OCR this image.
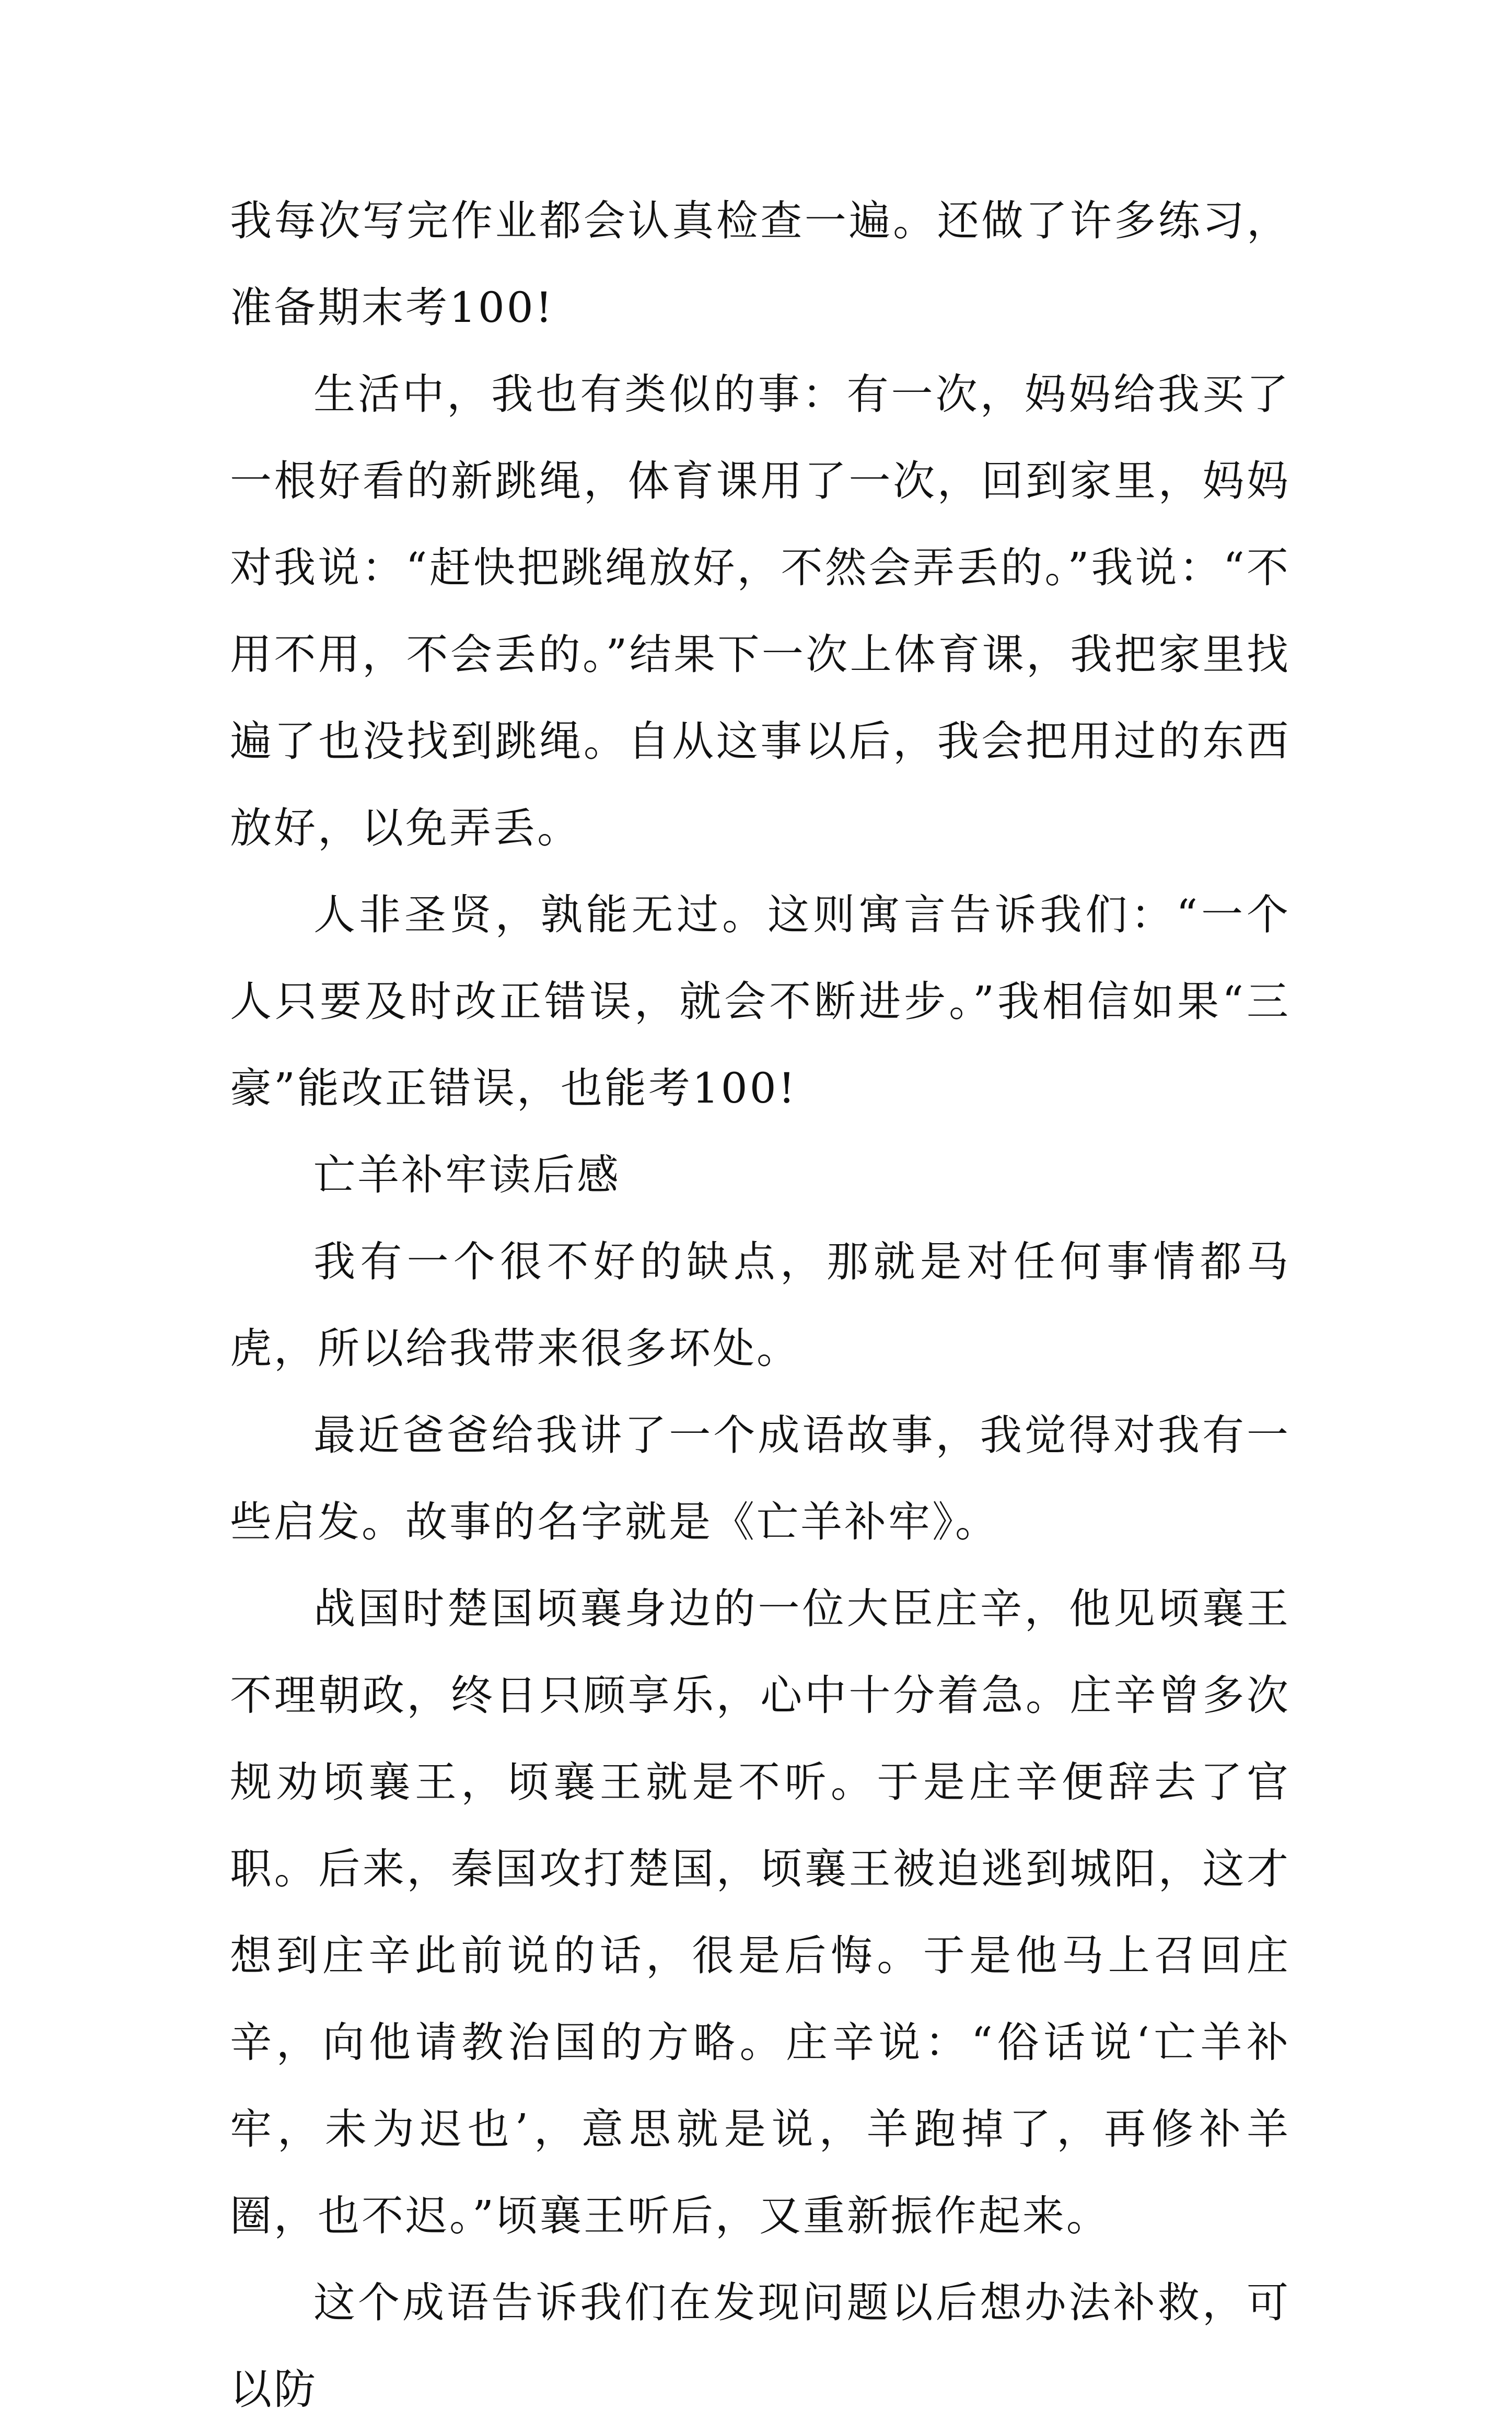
我每次写完作业都会认真检查一遍。还做了许多练习，准备期末考100!

生活中，我也有类似的事：有一次，妈妈给我买了一根好看的新跳绳，体育课用了一次，回到家里，妈妈对我说：“赶快把跳绳放好，不然会弄丢的。”我说：“不用不用，不会丢的。”结果下一次上体育课，我把家里找遍了也没找到跳绳。自从这事以后，我会把用过的东西放好，以免弄丢。

人非圣贤，孰能无过。这则寓言告诉我们：“一个人只要及时改正错误，就会不断进步。”我相信如果“三豪”能改正错误，也能考100!

亡羊补牢读后感

我有一个很不好的缺点，那就是对任何事情都马虎，所以给我带来很多坏处。

最近爸爸给我讲了一个成语故事，我觉得对我有一些启发。故事的名字就是《亡羊补牢》。

战国时楚国顷襄身边的一位大臣庄辛，他见顷襄王不理朝政，终日只顾享乐，心中十分着急。庄辛曾多次规劝顷襄王，顷襄王就是不听。于是庄辛便辞去了官职。后来，秦国攻打楚国，顷襄王被迫逃到城阳，这才想到庄辛此前说的话，很是后悔。于是他马上召回庄辛，向他请教治国的方略。庄辛说：“俗话说‘亡羊补牢，未为迟也’，意思就是说，羊跑掉了，再修补羊圈，也不迟。”顷襄王听后，又重新振作起来。

这个成语告诉我们在发现问题以后想办法补救，可以防
